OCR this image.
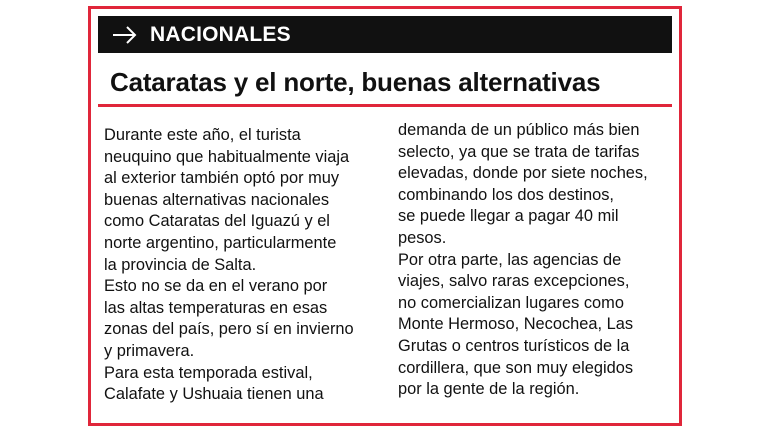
NACIONALES
Cataratas y el norte, buenas alternativas

Durante este año, el turista
neuquino que habitualmente viaja
al exterior también optó por muy
buenas alternativas nacionales
como Cataratas del Iguazú y el
norte argentino, particularmente
la provincia de Salta.

Esto no se da en el verano por
las altas temperaturas en esas
zonas del país, pero sí en invierno
y primavera.

Para esta temporada estival,
Calafate y Ushuaia tienen una

demanda de un público más bien
selecto, ya que se trata de tarifas
elevadas, donde por siete noches,
combinando los dos destinos,
se puede llegar a pagar 40 mil
pesos.

Por otra parte, las agencias de
viajes, salvo raras excepciones,
no comercializan lugares como
Monte Hermoso, Necochea, Las
Grutas o centros turísticos de la
cordillera, que son muy elegidos
por la gente de la región.
